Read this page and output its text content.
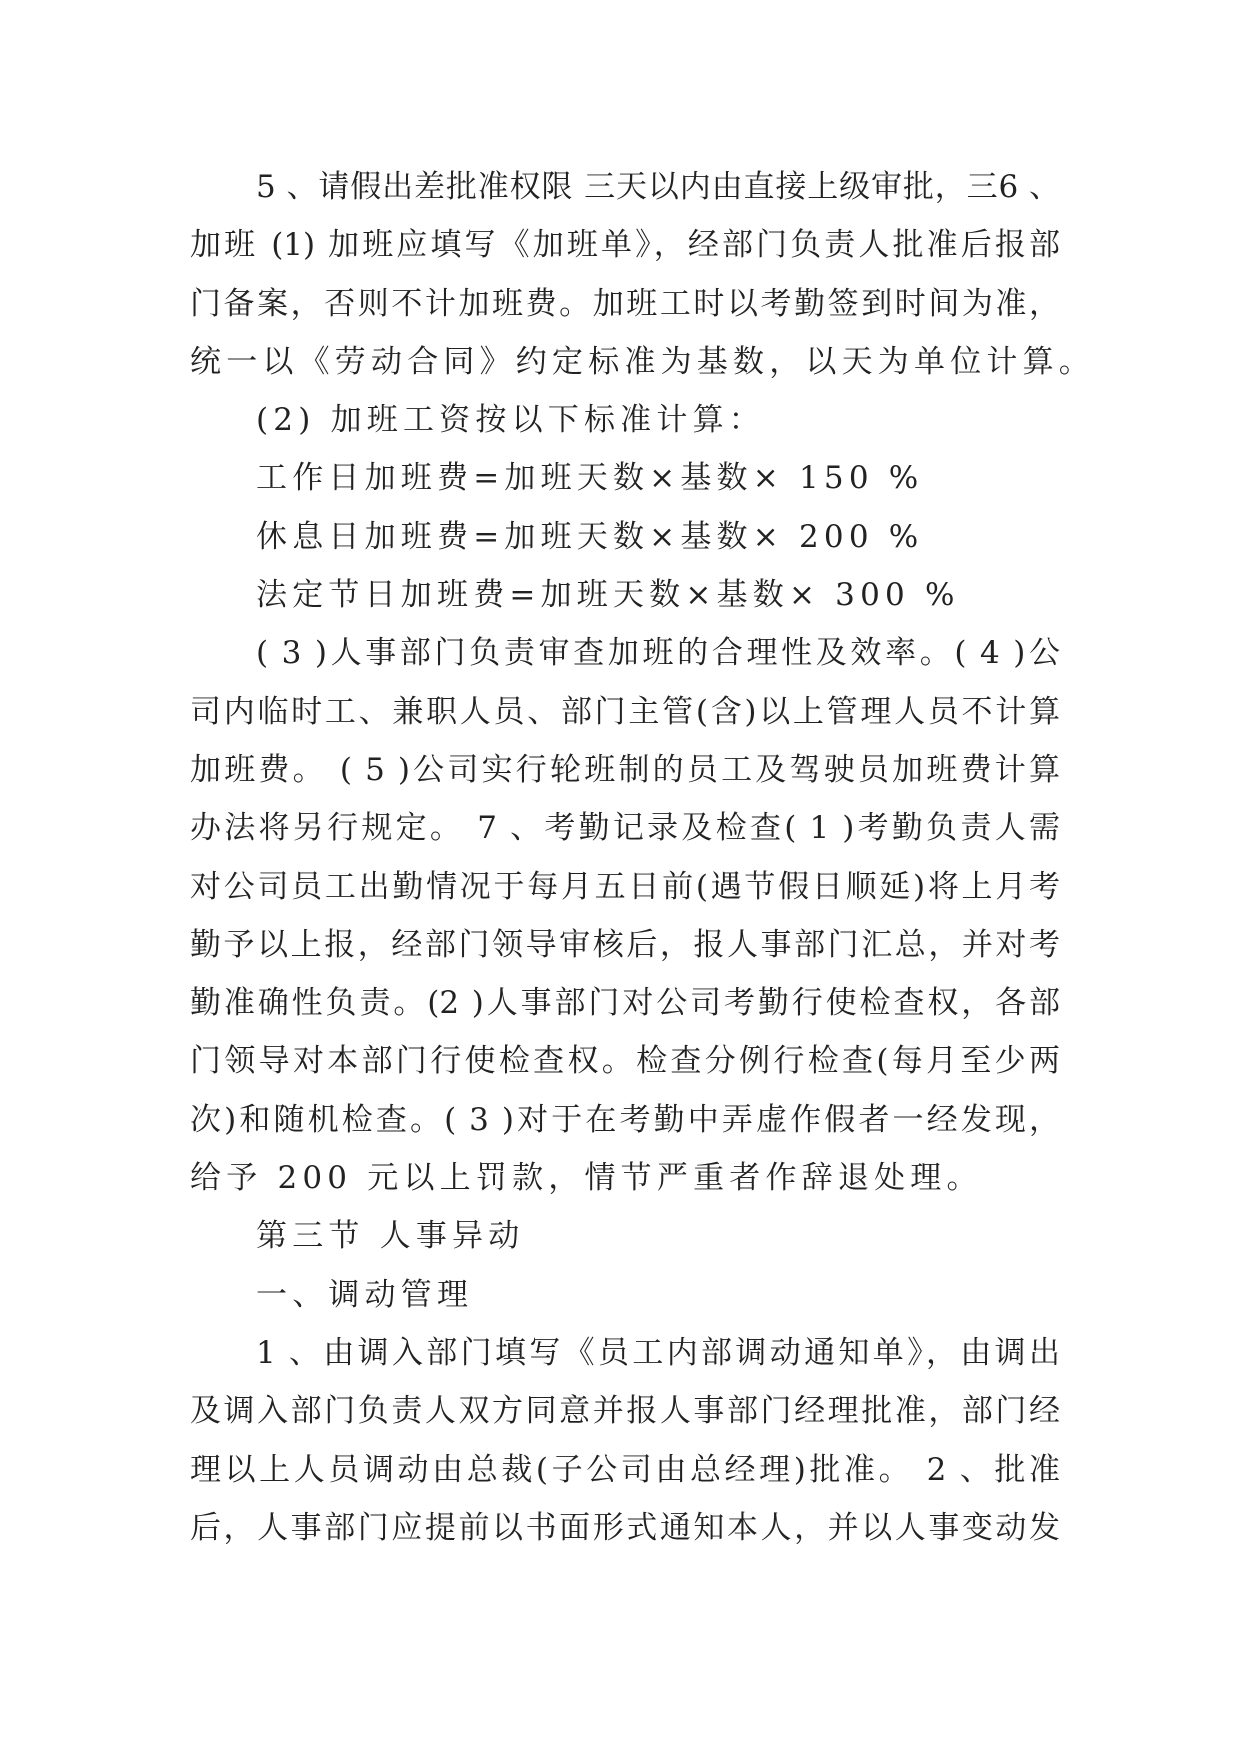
5 、请假出差批准权限 三天以内由直接上级审批，三6 、
加班 (1) 加班应填写《加班单》，经部门负责人批准后报部
门备案，否则不计加班费。加班工时以考勤签到时间为准，
统一以《劳动合同》约定标准为基数，以天为单位计算。
(2) 加班工资按以下标准计算：
工作日加班费=加班天数×基数× 150 %
休息日加班费=加班天数×基数× 200 %
法定节日加班费=加班天数×基数× 300 %
( 3 )人事部门负责审查加班的合理性及效率。( 4 )公
司内临时工、兼职人员、部门主管(含)以上管理人员不计算
加班费。 ( 5 )公司实行轮班制的员工及驾驶员加班费计算
办法将另行规定。 7 、考勤记录及检查( 1 )考勤负责人需
对公司员工出勤情况于每月五日前(遇节假日顺延)将上月考
勤予以上报，经部门领导审核后，报人事部门汇总，并对考
勤准确性负责。(2 )人事部门对公司考勤行使检查权，各部
门领导对本部门行使检查权。检查分例行检查(每月至少两
次)和随机检查。( 3 )对于在考勤中弄虚作假者一经发现，
给予 200 元以上罚款，情节严重者作辞退处理。
第三节 人事异动
一、调动管理
1 、由调入部门填写《员工内部调动通知单》，由调出
及调入部门负责人双方同意并报人事部门经理批准，部门经
理以上人员调动由总裁(子公司由总经理)批准。 2 、批准
后，人事部门应提前以书面形式通知本人，并以人事变动发
